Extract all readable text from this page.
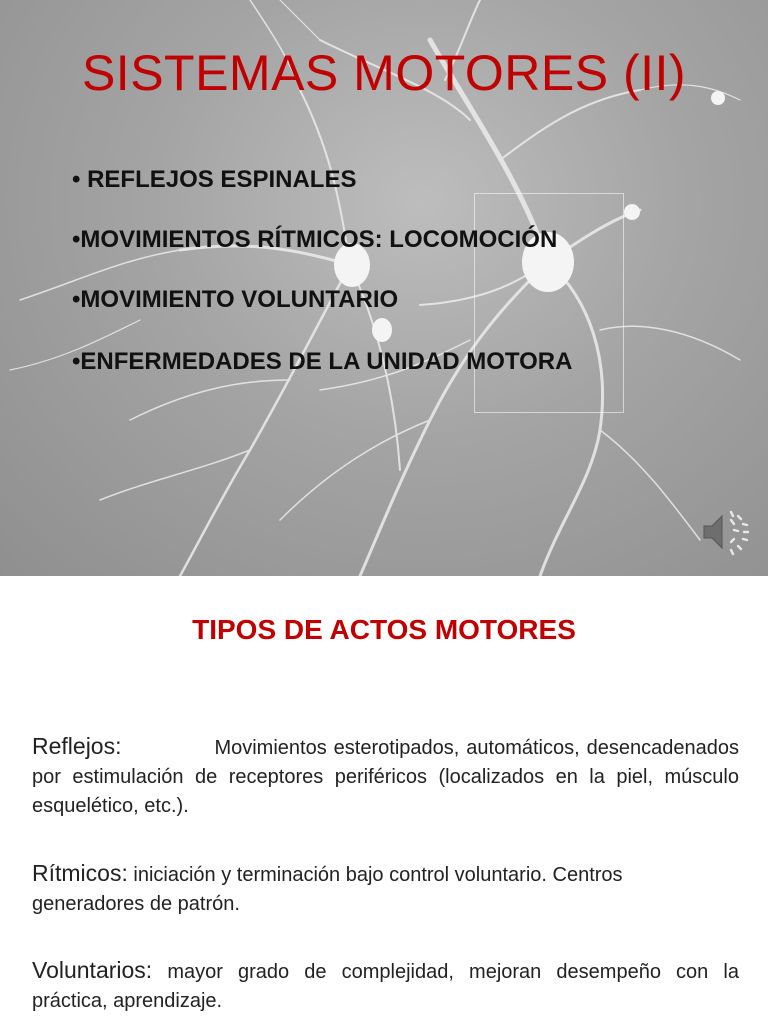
SISTEMAS MOTORES (II)
• REFLEJOS ESPINALES
•MOVIMIENTOS RÍTMICOS: LOCOMOCIÓN
•MOVIMIENTO VOLUNTARIO
•ENFERMEDADES DE LA UNIDAD MOTORA
TIPOS DE ACTOS MOTORES
Reflejos:	Movimientos esterotipados, automáticos, desencadenados por estimulación de receptores periféricos (localizados en la piel, músculo esquelético, etc.).
Rítmicos: iniciación y terminación bajo control voluntario. Centros generadores de patrón.
Voluntarios: mayor grado de complejidad, mejoran desempeño con la práctica, aprendizaje.
